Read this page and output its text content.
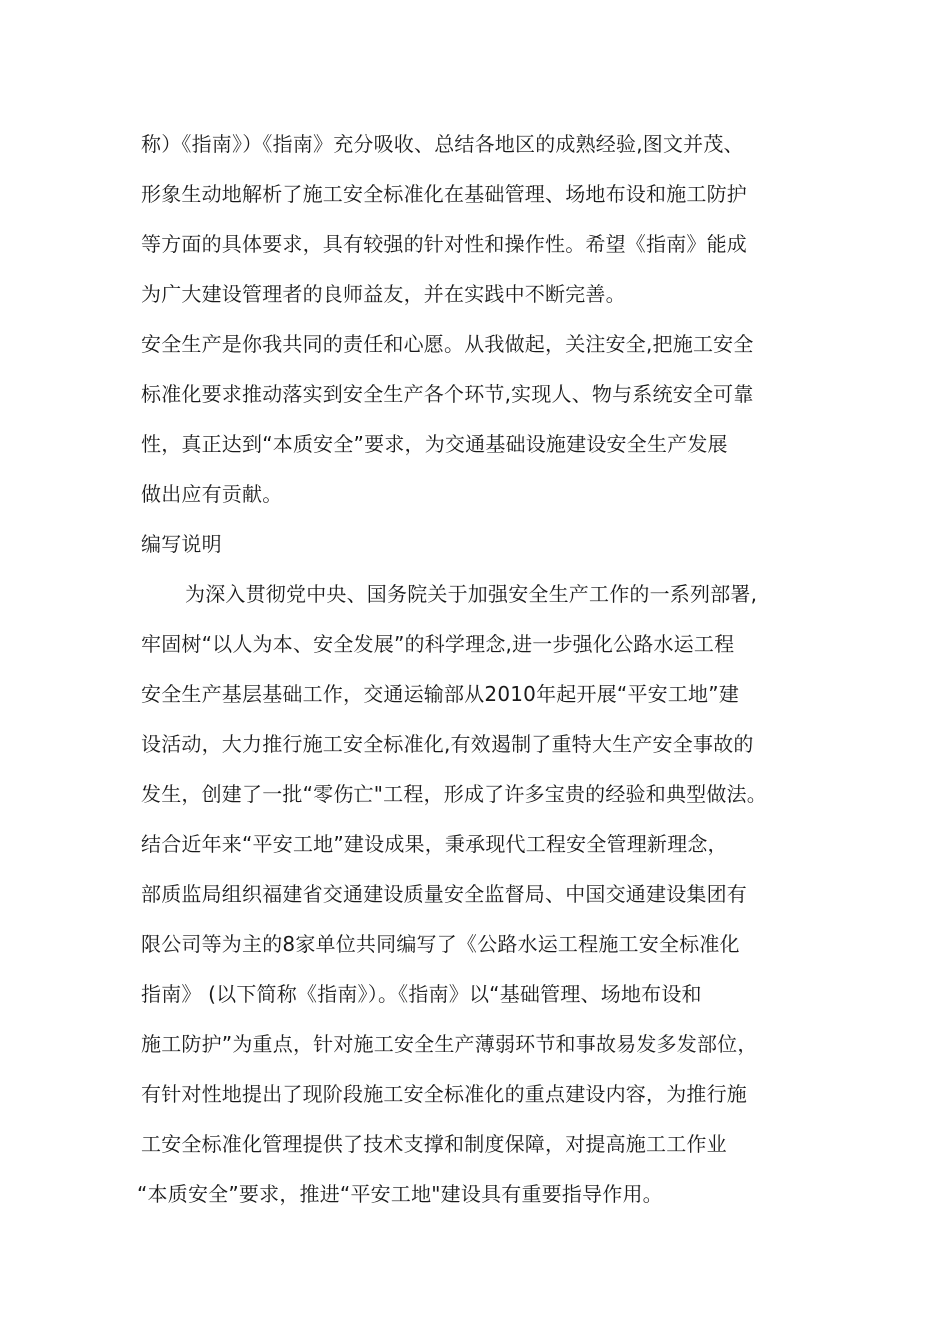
称）《指南》）《指南》充分吸收、总结各地区的成熟经验,图文并茂、
形象生动地解析了施工安全标准化在基础管理、场地布设和施工防护
等方面的具体要求，具有较强的针对性和操作性。希望《指南》能成
为广大建设管理者的良师益友，并在实践中不断完善。
安全生产是你我共同的责任和心愿。从我做起，关注安全,把施工安全
标准化要求推动落实到安全生产各个环节,实现人、物与系统安全可靠
性，真正达到“本质安全”要求，为交通基础设施建设安全生产发展
做出应有贡献。
编写说明
为深入贯彻党中央、国务院关于加强安全生产工作的一系列部署,
牢固树“以人为本、安全发展”的科学理念,进一步强化公路水运工程
安全生产基层基础工作，交通运输部从2010年起开展“平安工地”建
设活动，大力推行施工安全标准化,有效遏制了重特大生产安全事故的
发生，创建了一批“零伤亡"工程，形成了许多宝贵的经验和典型做法。
结合近年来“平安工地”建设成果，秉承现代工程安全管理新理念，
部质监局组织福建省交通建设质量安全监督局、中国交通建设集团有
限公司等为主的8家单位共同编写了《公路水运工程施工安全标准化
指南》 (以下简称《指南》）。《指南》以“基础管理、场地布设和
施工防护”为重点，针对施工安全生产薄弱环节和事故易发多发部位，
有针对性地提出了现阶段施工安全标准化的重点建设内容，为推行施
工安全标准化管理提供了技术支撑和制度保障，对提高施工工作业
“本质安全”要求，推进“平安工地"建设具有重要指导作用。
